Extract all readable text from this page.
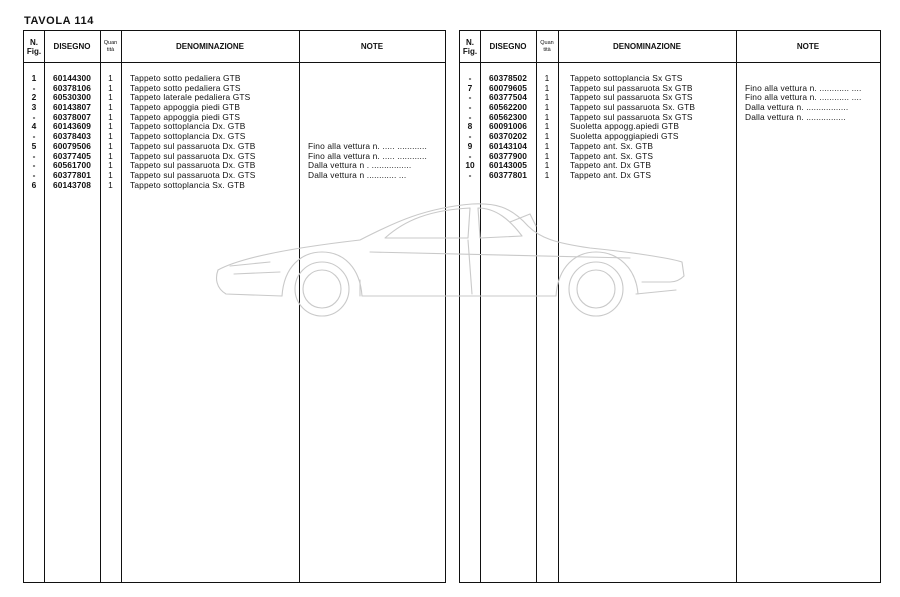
TAVOLA 114
N. Fig.	DISEGNO	Quan tità	DENOMINAZIONE	NOTE
1	60144300	1	Tappeto sotto pedaliera GTB
-	60378106	1	Tappeto sotto pedaliera GTS
2	60530300	1	Tappeto laterale pedaliera GTS
3	60143807	1	Tappeto appoggia piedi GTB
-	60378007	1	Tappeto appoggia piedi GTS
4	60143609	1	Tappeto sottoplancia Dx. GTB
-	60378403	1	Tappeto sottoplancia Dx. GTS
5	60079506	1	Tappeto sul passaruota Dx. GTB	Fino alla vettura n. ..... ............
-	60377405	1	Tappeto sul passaruota Dx. GTS	Fino alla vettura n. ..... ............
-	60561700	1	Tappeto sul passaruota Dx. GTB	Dalla vettura n . ................
-	60377801	1	Tappeto sul passaruota Dx. GTS	Dalla vettura n ............ ...
6	60143708	1	Tappeto sottoplancia Sx. GTB
N. Fig.	DISEGNO	Quan tità	DENOMINAZIONE	NOTE
-	60378502	1	Tappeto sottoplancia Sx GTS
7	60079605	1	Tappeto sul passaruota Sx GTB	Fino alla vettura n. ............ ....
-	60377504	1	Tappeto sul passaruota Sx GTS	Fino alla vettura n. ............ ....
-	60562200	1	Tappeto sul passaruota Sx. GTB	Dalla vettura n. .................
-	60562300	1	Tappeto sul passaruota Sx GTS	Dalla vettura n. ................
8	60091006	1	Suoletta appogg.apiedi GTB
-	60370202	1	Suoletta appoggiapiedi GTS
9	60143104	1	Tappeto ant. Sx. GTB
-	60377900	1	Tappeto ant. Sx. GTS
10	60143005	1	Tappeto ant. Dx GTB
-	60377801	1	Tappeto ant. Dx GTS
